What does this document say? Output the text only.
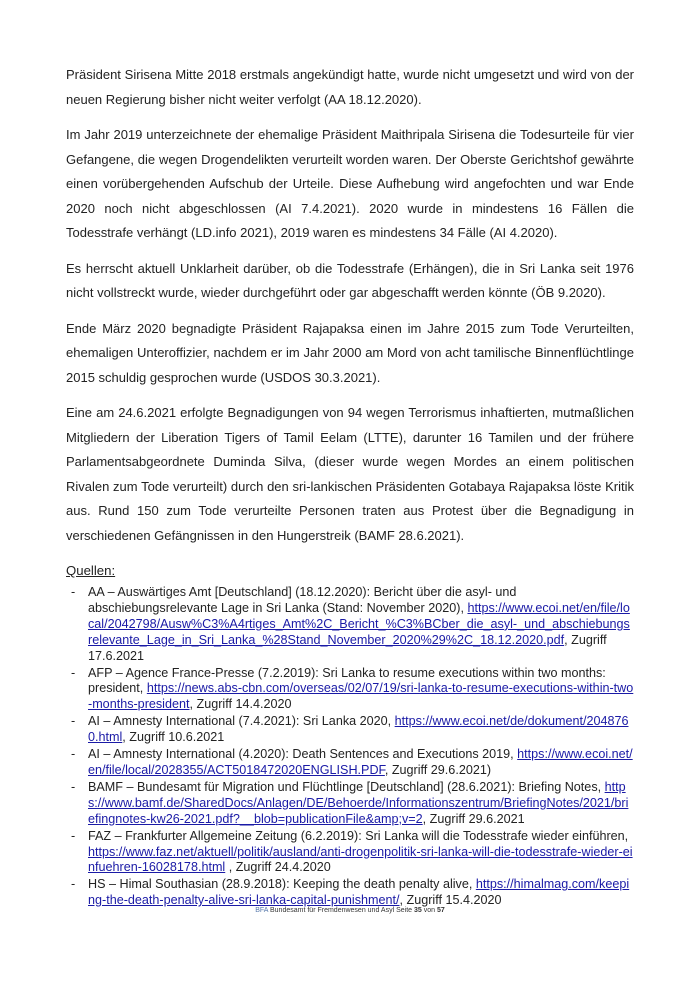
Präsident Sirisena Mitte 2018 erstmals angekündigt hatte, wurde nicht umgesetzt und wird von der neuen Regierung bisher nicht weiter verfolgt (AA 18.12.2020).

Im Jahr 2019 unterzeichnete der ehemalige Präsident Maithripala Sirisena die Todesurteile für vier Gefangene, die wegen Drogendelikten verurteilt worden waren. Der Oberste Gerichtshof gewährte einen vorübergehenden Aufschub der Urteile. Diese Aufhebung wird angefochten und war Ende 2020 noch nicht abgeschlossen (AI 7.4.2021). 2020 wurde in mindestens 16 Fällen die Todesstrafe verhängt (LD.info 2021), 2019 waren es mindestens 34 Fälle (AI 4.2020).

Es herrscht aktuell Unklarheit darüber, ob die Todesstrafe (Erhängen), die in Sri Lanka seit 1976 nicht vollstreckt wurde, wieder durchgeführt oder gar abgeschafft werden könnte (ÖB 9.2020).

Ende März 2020 begnadigte Präsident Rajapaksa einen im Jahre 2015 zum Tode Verurteilten, ehemaligen Unteroffizier, nachdem er im Jahr 2000 am Mord von acht tamilische Binnenflüchtlinge 2015 schuldig gesprochen wurde (USDOS 30.3.2021).

Eine am 24.6.2021 erfolgte Begnadigungen von 94 wegen Terrorismus inhaftierten, mutmaßlichen Mitgliedern der Liberation Tigers of Tamil Eelam (LTTE), darunter 16 Tamilen und der frühere Parlamentsabgeordnete Duminda Silva, (dieser wurde wegen Mordes an einem politischen Rivalen zum Tode verurteilt) durch den sri-lankischen Präsidenten Gotabaya Rajapaksa löste Kritik aus. Rund 150 zum Tode verurteilte Personen traten aus Protest über die Begnadigung in verschiedenen Gefängnissen in den Hungerstreik (BAMF 28.6.2021).

Quellen:
- AA – Auswärtiges Amt [Deutschland] (18.12.2020): Bericht über die asyl- und abschiebungsrelevante Lage in Sri Lanka (Stand: November 2020), https://www.ecoi.net/en/file/local/2042798/Ausw%C3%A4rtiges_Amt%2C_Bericht_%C3%BCber_die_asyl-_und_abschiebungsrelevante_Lage_in_Sri_Lanka_%28Stand_November_2020%29%2C_18.12.2020.pdf, Zugriff 17.6.2021
- AFP – Agence France-Presse (7.2.2019): Sri Lanka to resume executions within two months: president, https://news.abs-cbn.com/overseas/02/07/19/sri-lanka-to-resume-executions-within-two-months-president, Zugriff 14.4.2020
- AI – Amnesty International (7.4.2021): Sri Lanka 2020, https://www.ecoi.net/de/dokument/2048760.html, Zugriff 10.6.2021
- AI – Amnesty International (4.2020): Death Sentences and Executions 2019, https://www.ecoi.net/en/file/local/2028355/ACT5018472020ENGLISH.PDF, Zugriff 29.6.2021)
- BAMF – Bundesamt für Migration und Flüchtlinge [Deutschland] (28.6.2021): Briefing Notes, https://www.bamf.de/SharedDocs/Anlagen/DE/Behoerde/Informationszentrum/BriefingNotes/2021/briefingnotes-kw26-2021.pdf?__blob=publicationFile&amp;v=2, Zugriff 29.6.2021
- FAZ – Frankfurter Allgemeine Zeitung (6.2.2019): Sri Lanka will die Todesstrafe wieder einführen, https://www.faz.net/aktuell/politik/ausland/anti-drogenpolitik-sri-lanka-will-die-todesstrafe-wieder-einfuehren-16028178.html , Zugriff 24.4.2020
- HS – Himal Southasian (28.9.2018): Keeping the death penalty alive, https://himalmag.com/keeping-the-death-penalty-alive-sri-lanka-capital-punishment/, Zugriff 15.4.2020
BFA Bundesamt für Fremdenwesen und Asyl Seite 35 von 57
